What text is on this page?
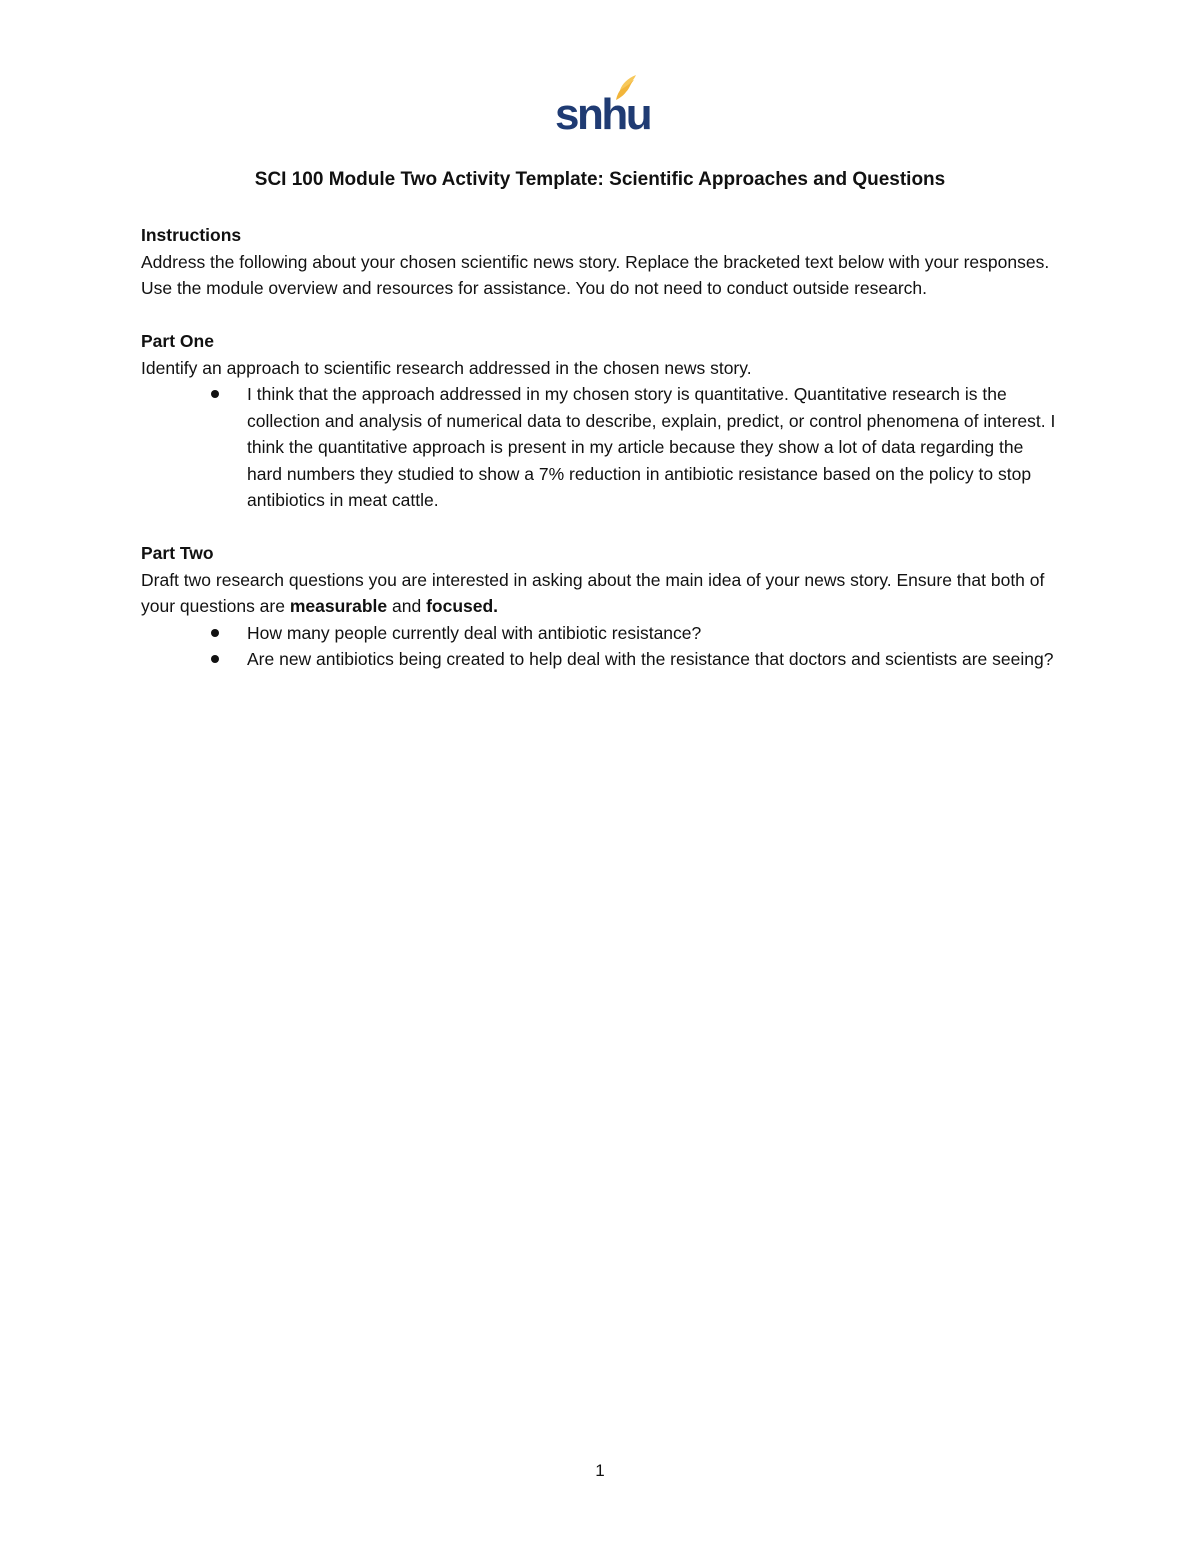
snhu
SCI 100 Module Two Activity Template: Scientific Approaches and Questions

Instructions

Address the following about your chosen scientific news story. Replace the bracketed text below with your responses. Use the module overview and resources for assistance. You do not need to conduct outside research.

Part One

Identify an approach to scientific research addressed in the chosen news story.

I think that the approach addressed in my chosen story is quantitative. Quantitative research is the collection and analysis of numerical data to describe, explain, predict, or control phenomena of interest. I think the quantitative approach is present in my article because they show a lot of data regarding the hard numbers they studied to show a 7% reduction in antibiotic resistance based on the policy to stop antibiotics in meat cattle.

Part Two

Draft two research questions you are interested in asking about the main idea of your news story. Ensure that both of your questions are measurable and focused.

How many people currently deal with antibiotic resistance?
Are new antibiotics being created to help deal with the resistance that doctors and scientists are seeing?
1
